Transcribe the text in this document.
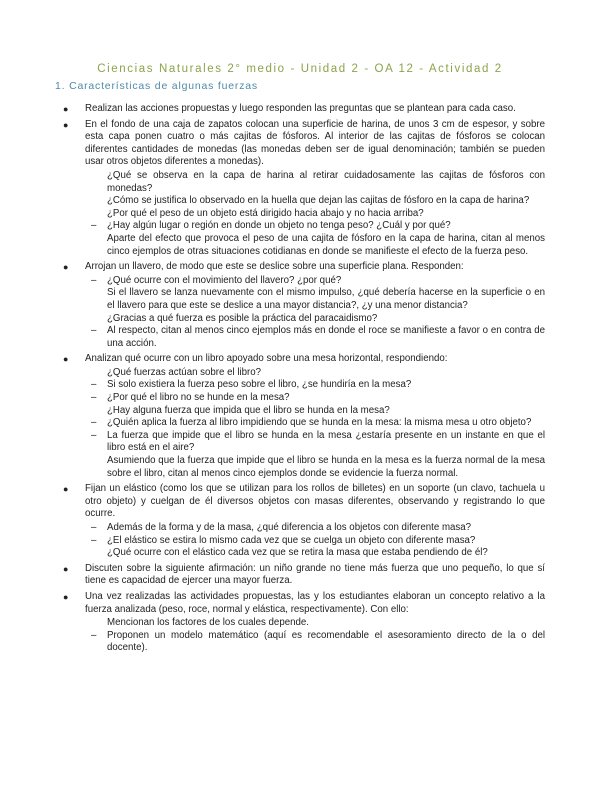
Ciencias Naturales 2° medio - Unidad 2 - OA 12 - Actividad 2
1. Características de algunas fuerzas
● Realizan las acciones propuestas y luego responden las preguntas que se plantean para cada caso.
● En el fondo de una caja de zapatos colocan una superficie de harina, de unos 3 cm de espesor, y sobre esta capa ponen cuatro o más cajitas de fósforos. Al interior de las cajitas de fósforos se colocan diferentes cantidades de monedas (las monedas deben ser de igual denominación; también se pueden usar otros objetos diferentes a monedas).
¿Qué se observa en la capa de harina al retirar cuidadosamente las cajitas de fósforos con monedas?
¿Cómo se justifica lo observado en la huella que dejan las cajitas de fósforo en la capa de harina?
¿Por qué el peso de un objeto está dirigido hacia abajo y no hacia arriba?
– ¿Hay algún lugar o región en donde un objeto no tenga peso? ¿Cuál y por qué?
Aparte del efecto que provoca el peso de una cajita de fósforo en la capa de harina, citan al menos cinco ejemplos de otras situaciones cotidianas en donde se manifieste el efecto de la fuerza peso.
● Arrojan un llavero, de modo que este se deslice sobre una superficie plana. Responden:
– ¿Qué ocurre con el movimiento del llavero? ¿por qué?
Si el llavero se lanza nuevamente con el mismo impulso, ¿qué debería hacerse en la superficie o en el llavero para que este se deslice a una mayor distancia?, ¿y una menor distancia?
¿Gracias a qué fuerza es posible la práctica del paracaidismo?
– Al respecto, citan al menos cinco ejemplos más en donde el roce se manifieste a favor o en contra de una acción.
● Analizan qué ocurre con un libro apoyado sobre una mesa horizontal, respondiendo:
¿Qué fuerzas actúan sobre el libro?
– Si solo existiera la fuerza peso sobre el libro, ¿se hundiría en la mesa?
– ¿Por qué el libro no se hunde en la mesa?
¿Hay alguna fuerza que impida que el libro se hunda en la mesa?
– ¿Quién aplica la fuerza al libro impidiendo que se hunda en la mesa: la misma mesa u otro objeto?
– La fuerza que impide que el libro se hunda en la mesa ¿estaría presente en un instante en que el libro está en el aire?
Asumiendo que la fuerza que impide que el libro se hunda en la mesa es la fuerza normal de la mesa sobre el libro, citan al menos cinco ejemplos donde se evidencie la fuerza normal.
● Fijan un elástico (como los que se utilizan para los rollos de billetes) en un soporte (un clavo, tachuela u otro objeto) y cuelgan de él diversos objetos con masas diferentes, observando y registrando lo que ocurre.
– Además de la forma y de la masa, ¿qué diferencia a los objetos con diferente masa?
– ¿El elástico se estira lo mismo cada vez que se cuelga un objeto con diferente masa?
¿Qué ocurre con el elástico cada vez que se retira la masa que estaba pendiendo de él?
● Discuten sobre la siguiente afirmación: un niño grande no tiene más fuerza que uno pequeño, lo que sí tiene es capacidad de ejercer una mayor fuerza.
● Una vez realizadas las actividades propuestas, las y los estudiantes elaboran un concepto relativo a la fuerza analizada (peso, roce, normal y elástica, respectivamente). Con ello:
Mencionan los factores de los cuales depende.
– Proponen un modelo matemático (aquí es recomendable el asesoramiento directo de la o del docente).
